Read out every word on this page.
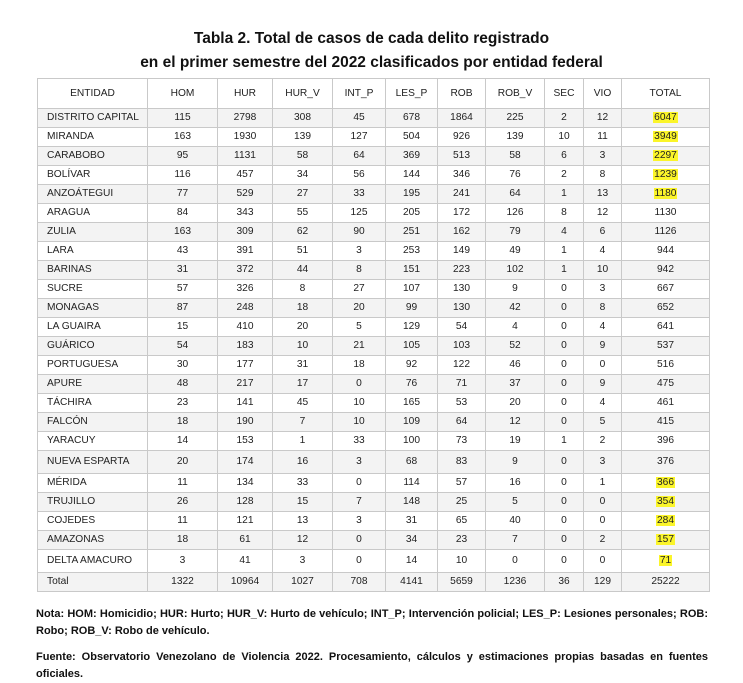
Tabla 2. Total de casos de cada delito registrado
en el primer semestre del 2022 clasificados por entidad federal
ENTIDAD	HOM	HUR	HUR_V	INT_P	LES_P	ROB	ROB_V	SEC	VIO	TOTAL
DISTRITO CAPITAL	115	2798	308	45	678	1864	225	2	12	6047
MIRANDA	163	1930	139	127	504	926	139	10	11	3949
CARABOBO	95	1131	58	64	369	513	58	6	3	2297
BOLÍVAR	116	457	34	56	144	346	76	2	8	1239
ANZOÁTEGUI	77	529	27	33	195	241	64	1	13	1180
ARAGUA	84	343	55	125	205	172	126	8	12	1130
ZULIA	163	309	62	90	251	162	79	4	6	1126
LARA	43	391	51	3	253	149	49	1	4	944
BARINAS	31	372	44	8	151	223	102	1	10	942
SUCRE	57	326	8	27	107	130	9	0	3	667
MONAGAS	87	248	18	20	99	130	42	0	8	652
LA GUAIRA	15	410	20	5	129	54	4	0	4	641
GUÁRICO	54	183	10	21	105	103	52	0	9	537
PORTUGUESA	30	177	31	18	92	122	46	0	0	516
APURE	48	217	17	0	76	71	37	0	9	475
TÁCHIRA	23	141	45	10	165	53	20	0	4	461
FALCÓN	18	190	7	10	109	64	12	0	5	415
YARACUY	14	153	1	33	100	73	19	1	2	396
NUEVA ESPARTA	20	174	16	3	68	83	9	0	3	376
MÉRIDA	11	134	33	0	114	57	16	0	1	366
TRUJILLO	26	128	15	7	148	25	5	0	0	354
COJEDES	11	121	13	3	31	65	40	0	0	284
AMAZONAS	18	61	12	0	34	23	7	0	2	157
DELTA AMACURO	3	41	3	0	14	10	0	0	0	71
Total	1322	10964	1027	708	4141	5659	1236	36	129	25222
Nota: HOM: Homicidio; HUR: Hurto; HUR_V: Hurto de vehículo; INT_P; Intervención policial; LES_P: Lesiones personales; ROB: Robo; ROB_V: Robo de vehículo.
Fuente: Observatorio Venezolano de Violencia 2022. Procesamiento, cálculos y estimaciones propias basadas en fuentes oficiales.
